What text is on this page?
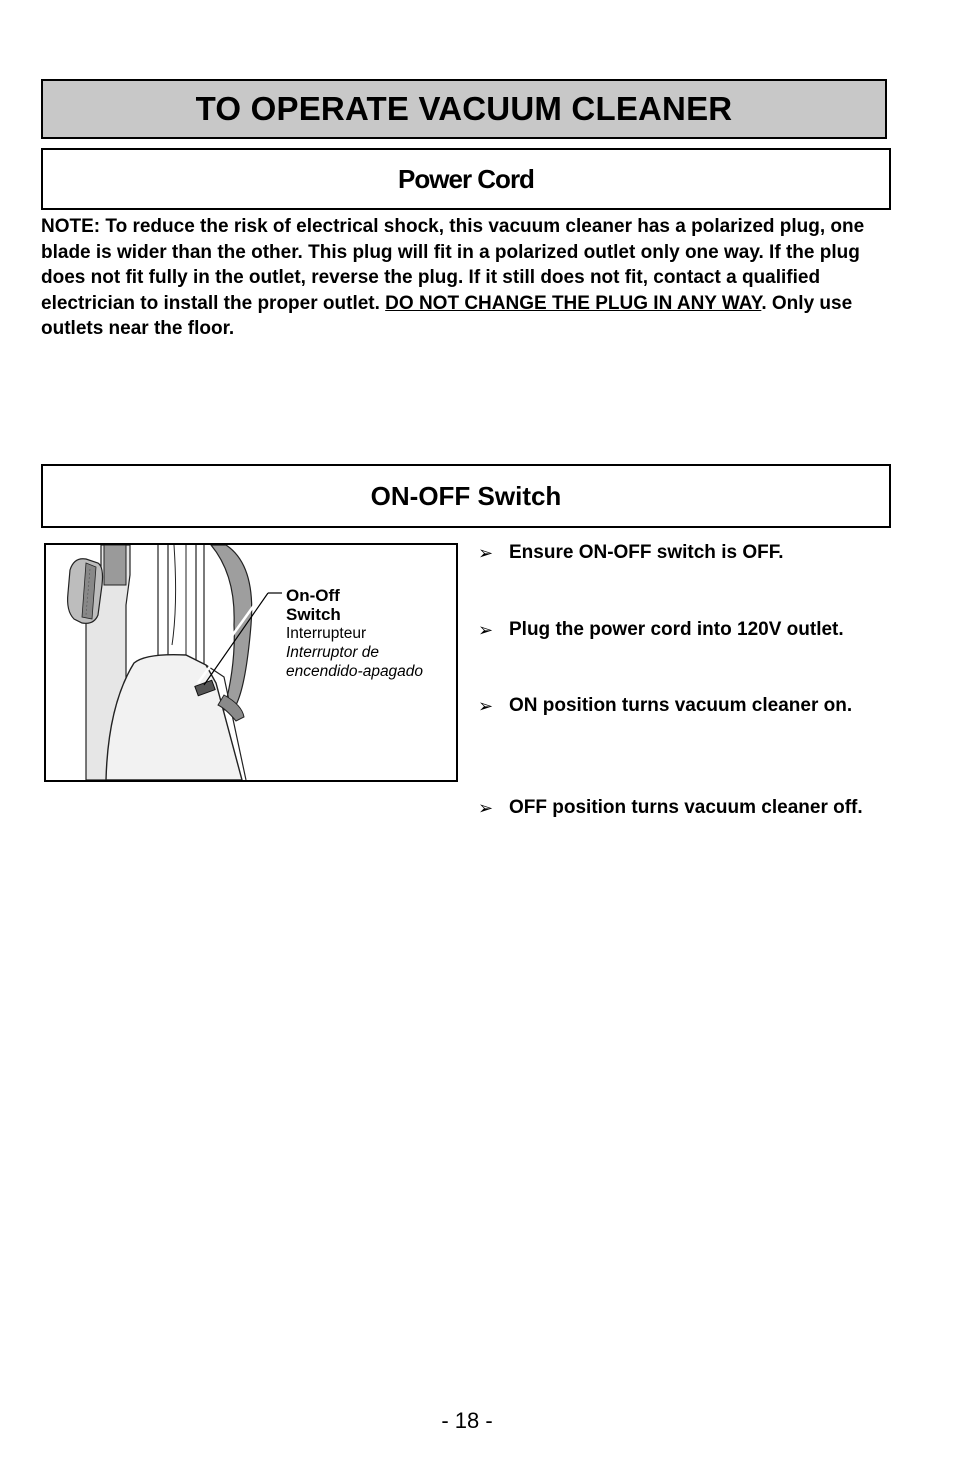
TO OPERATE VACUUM CLEANER
Power Cord

NOTE: To reduce the risk of electrical shock, this vacuum cleaner has a polarized plug, one blade is wider than the other. This plug will fit in a polarized outlet only one way. If the plug does not fit fully in the outlet, reverse the plug. If it still does not fit, contact a qualified electrician to install the proper outlet. DO NOT CHANGE THE PLUG IN ANY WAY. Only use outlets near the floor.

ON-OFF Switch
On-Off
Switch
Interrupteur
Interruptor de encendido-apagado
➢ Ensure ON-OFF switch is OFF.
➢ Plug the power cord into 120V outlet.
➢ ON position turns vacuum cleaner on.
➢ OFF position turns vacuum cleaner off.
- 18 -
